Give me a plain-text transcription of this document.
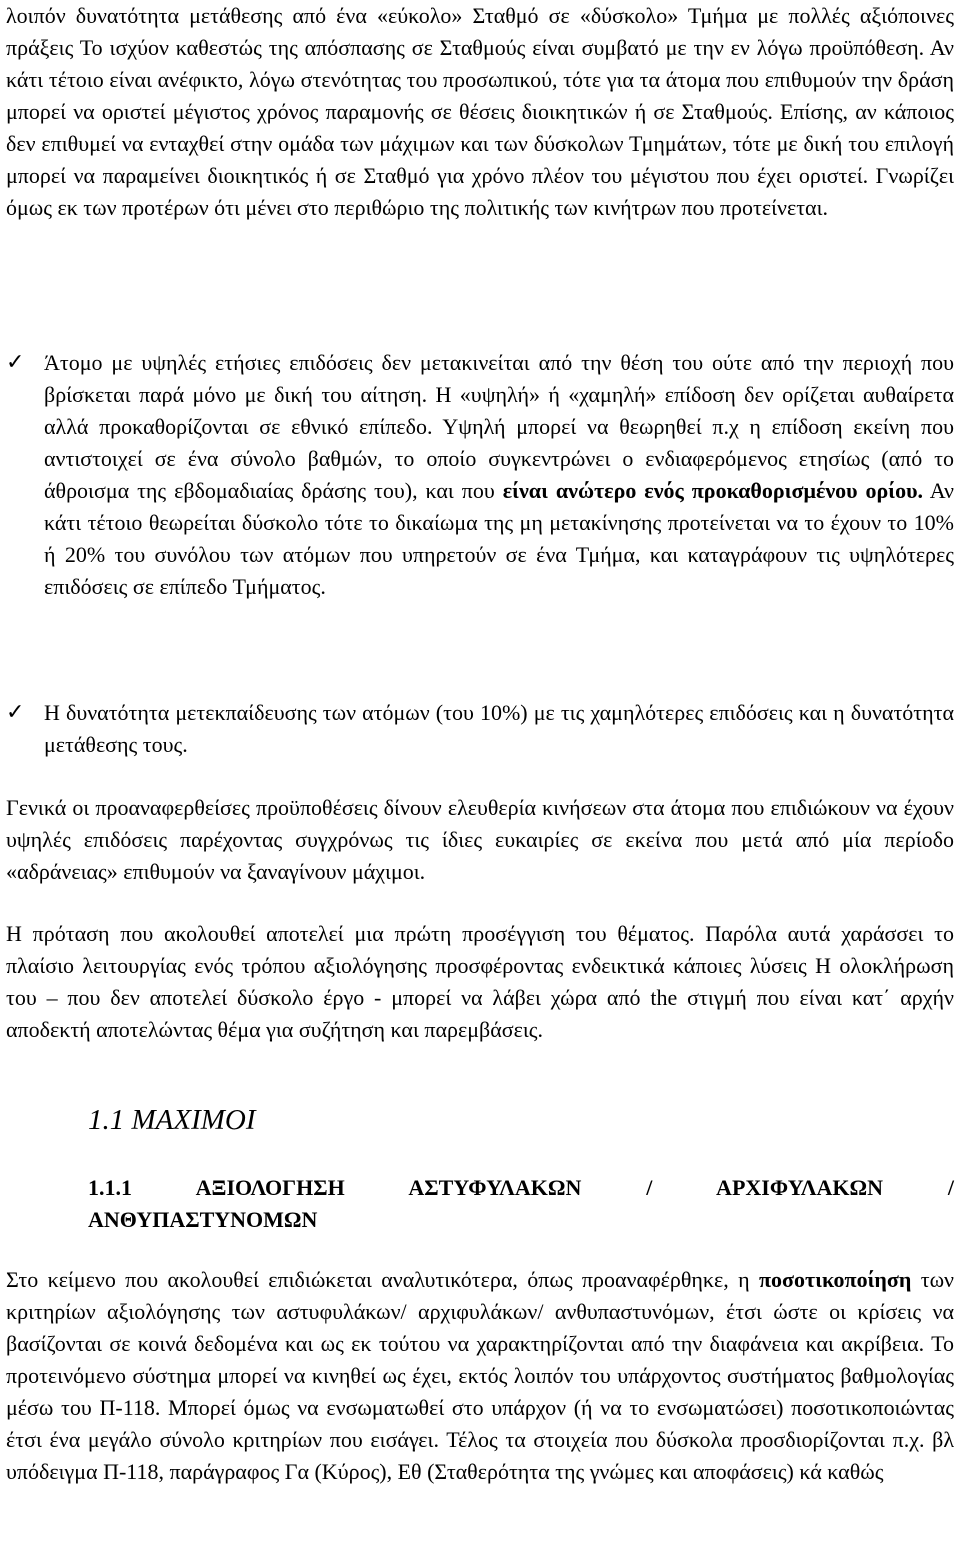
λοιπόν δυνατότητα μετάθεσης από ένα «εύκολο» Σταθμό σε «δύσκολο» Τμήμα με πολλές αξιόποινες πράξεις Το ισχύον καθεστώς της απόσπασης σε Σταθμούς είναι συμβατό με την εν λόγω προϋπόθεση. Αν κάτι τέτοιο είναι ανέφικτο, λόγω στενότητας του προσωπικού, τότε για τα άτομα που επιθυμούν την δράση μπορεί να οριστεί μέγιστος χρόνος παραμονής σε θέσεις διοικητικών ή σε Σταθμούς. Επίσης, αν κάποιος δεν επιθυμεί να ενταχθεί στην ομάδα των μάχιμων και των δύσκολων Τμημάτων, τότε με δική του επιλογή μπορεί να παραμείνει διοικητικός ή σε Σταθμό για χρόνο πλέον του μέγιστου που έχει οριστεί. Γνωρίζει όμως εκ των προτέρων ότι μένει στο περιθώριο της πολιτικής των κινήτρων που προτείνεται.

✓ Άτομο με υψηλές ετήσιες επιδόσεις δεν μετακινείται από την θέση του ούτε από την περιοχή που βρίσκεται παρά μόνο με δική του αίτηση. Η «υψηλή» ή «χαμηλή» επίδοση δεν ορίζεται αυθαίρετα αλλά προκαθορίζονται σε εθνικό επίπεδο. Υψηλή μπορεί να θεωρηθεί π.χ η επίδοση εκείνη που αντιστοιχεί σε ένα σύνολο βαθμών, το οποίο συγκεντρώνει ο ενδιαφερόμενος ετησίως (από το άθροισμα της εβδομαδιαίας δράσης του), και που είναι ανώτερο ενός προκαθορισμένου ορίου. Αν κάτι τέτοιο θεωρείται δύσκολο τότε το δικαίωμα της μη μετακίνησης προτείνεται να το έχουν το 10% ή 20% του συνόλου των ατόμων που υπηρετούν σε ένα Τμήμα, και καταγράφουν τις υψηλότερες επιδόσεις σε επίπεδο Τμήματος.

✓ Η δυνατότητα μετεκπαίδευσης των ατόμων (του 10%) με τις χαμηλότερες επιδόσεις και η δυνατότητα μετάθεσης τους.

Γενικά οι προαναφερθείσες προϋποθέσεις δίνουν ελευθερία κινήσεων στα άτομα που επιδιώκουν να έχουν υψηλές επιδόσεις παρέχοντας συγχρόνως τις ίδιες ευκαιρίες σε εκείνα που μετά από μία περίοδο «αδράνειας» επιθυμούν να ξαναγίνουν μάχιμοι.

Η πρόταση που ακολουθεί αποτελεί μια πρώτη προσέγγιση του θέματος. Παρόλα αυτά χαράσσει το πλαίσιο λειτουργίας ενός τρόπου αξιολόγησης προσφέροντας ενδεικτικά κάποιες λύσεις Η ολοκλήρωση του – που δεν αποτελεί δύσκολο έργο - μπορεί να λάβει χώρα από the στιγμή που είναι κατ΄ αρχήν αποδεκτή αποτελώντας θέμα για συζήτηση και παρεμβάσεις.

1.1 ΜΑΧΙΜΟΙ
1.1.1 ΑΞΙΟΛΟΓΗΣΗ ΑΣΤΥΦΥΛΑΚΩΝ / ΑΡΧΙΦΥΛΑΚΩΝ /
ΑΝΘΥΠΑΣΤΥΝΟΜΩΝ

Στο κείμενο που ακολουθεί επιδιώκεται αναλυτικότερα, όπως προαναφέρθηκε, η ποσοτικοποίηση των κριτηρίων αξιολόγησης των αστυφυλάκων/ αρχιφυλάκων/ ανθυπαστυνόμων, έτσι ώστε οι κρίσεις να βασίζονται σε κοινά δεδομένα και ως εκ τούτου να χαρακτηρίζονται από την διαφάνεια και ακρίβεια. Το προτεινόμενο σύστημα μπορεί να κινηθεί ως έχει, εκτός λοιπόν του υπάρχοντος συστήματος βαθμολογίας μέσω του Π-118. Μπορεί όμως να ενσωματωθεί στο υπάρχον (ή να το ενσωματώσει) ποσοτικοποιώντας έτσι ένα μεγάλο σύνολο κριτηρίων που εισάγει. Τέλος τα στοιχεία που δύσκολα προσδιορίζονται π.χ. βλ υπόδειγμα Π-118, παράγραφος Γα (Κύρος), Εθ (Σταθερότητα της γνώμες και αποφάσεις) κά καθώς
